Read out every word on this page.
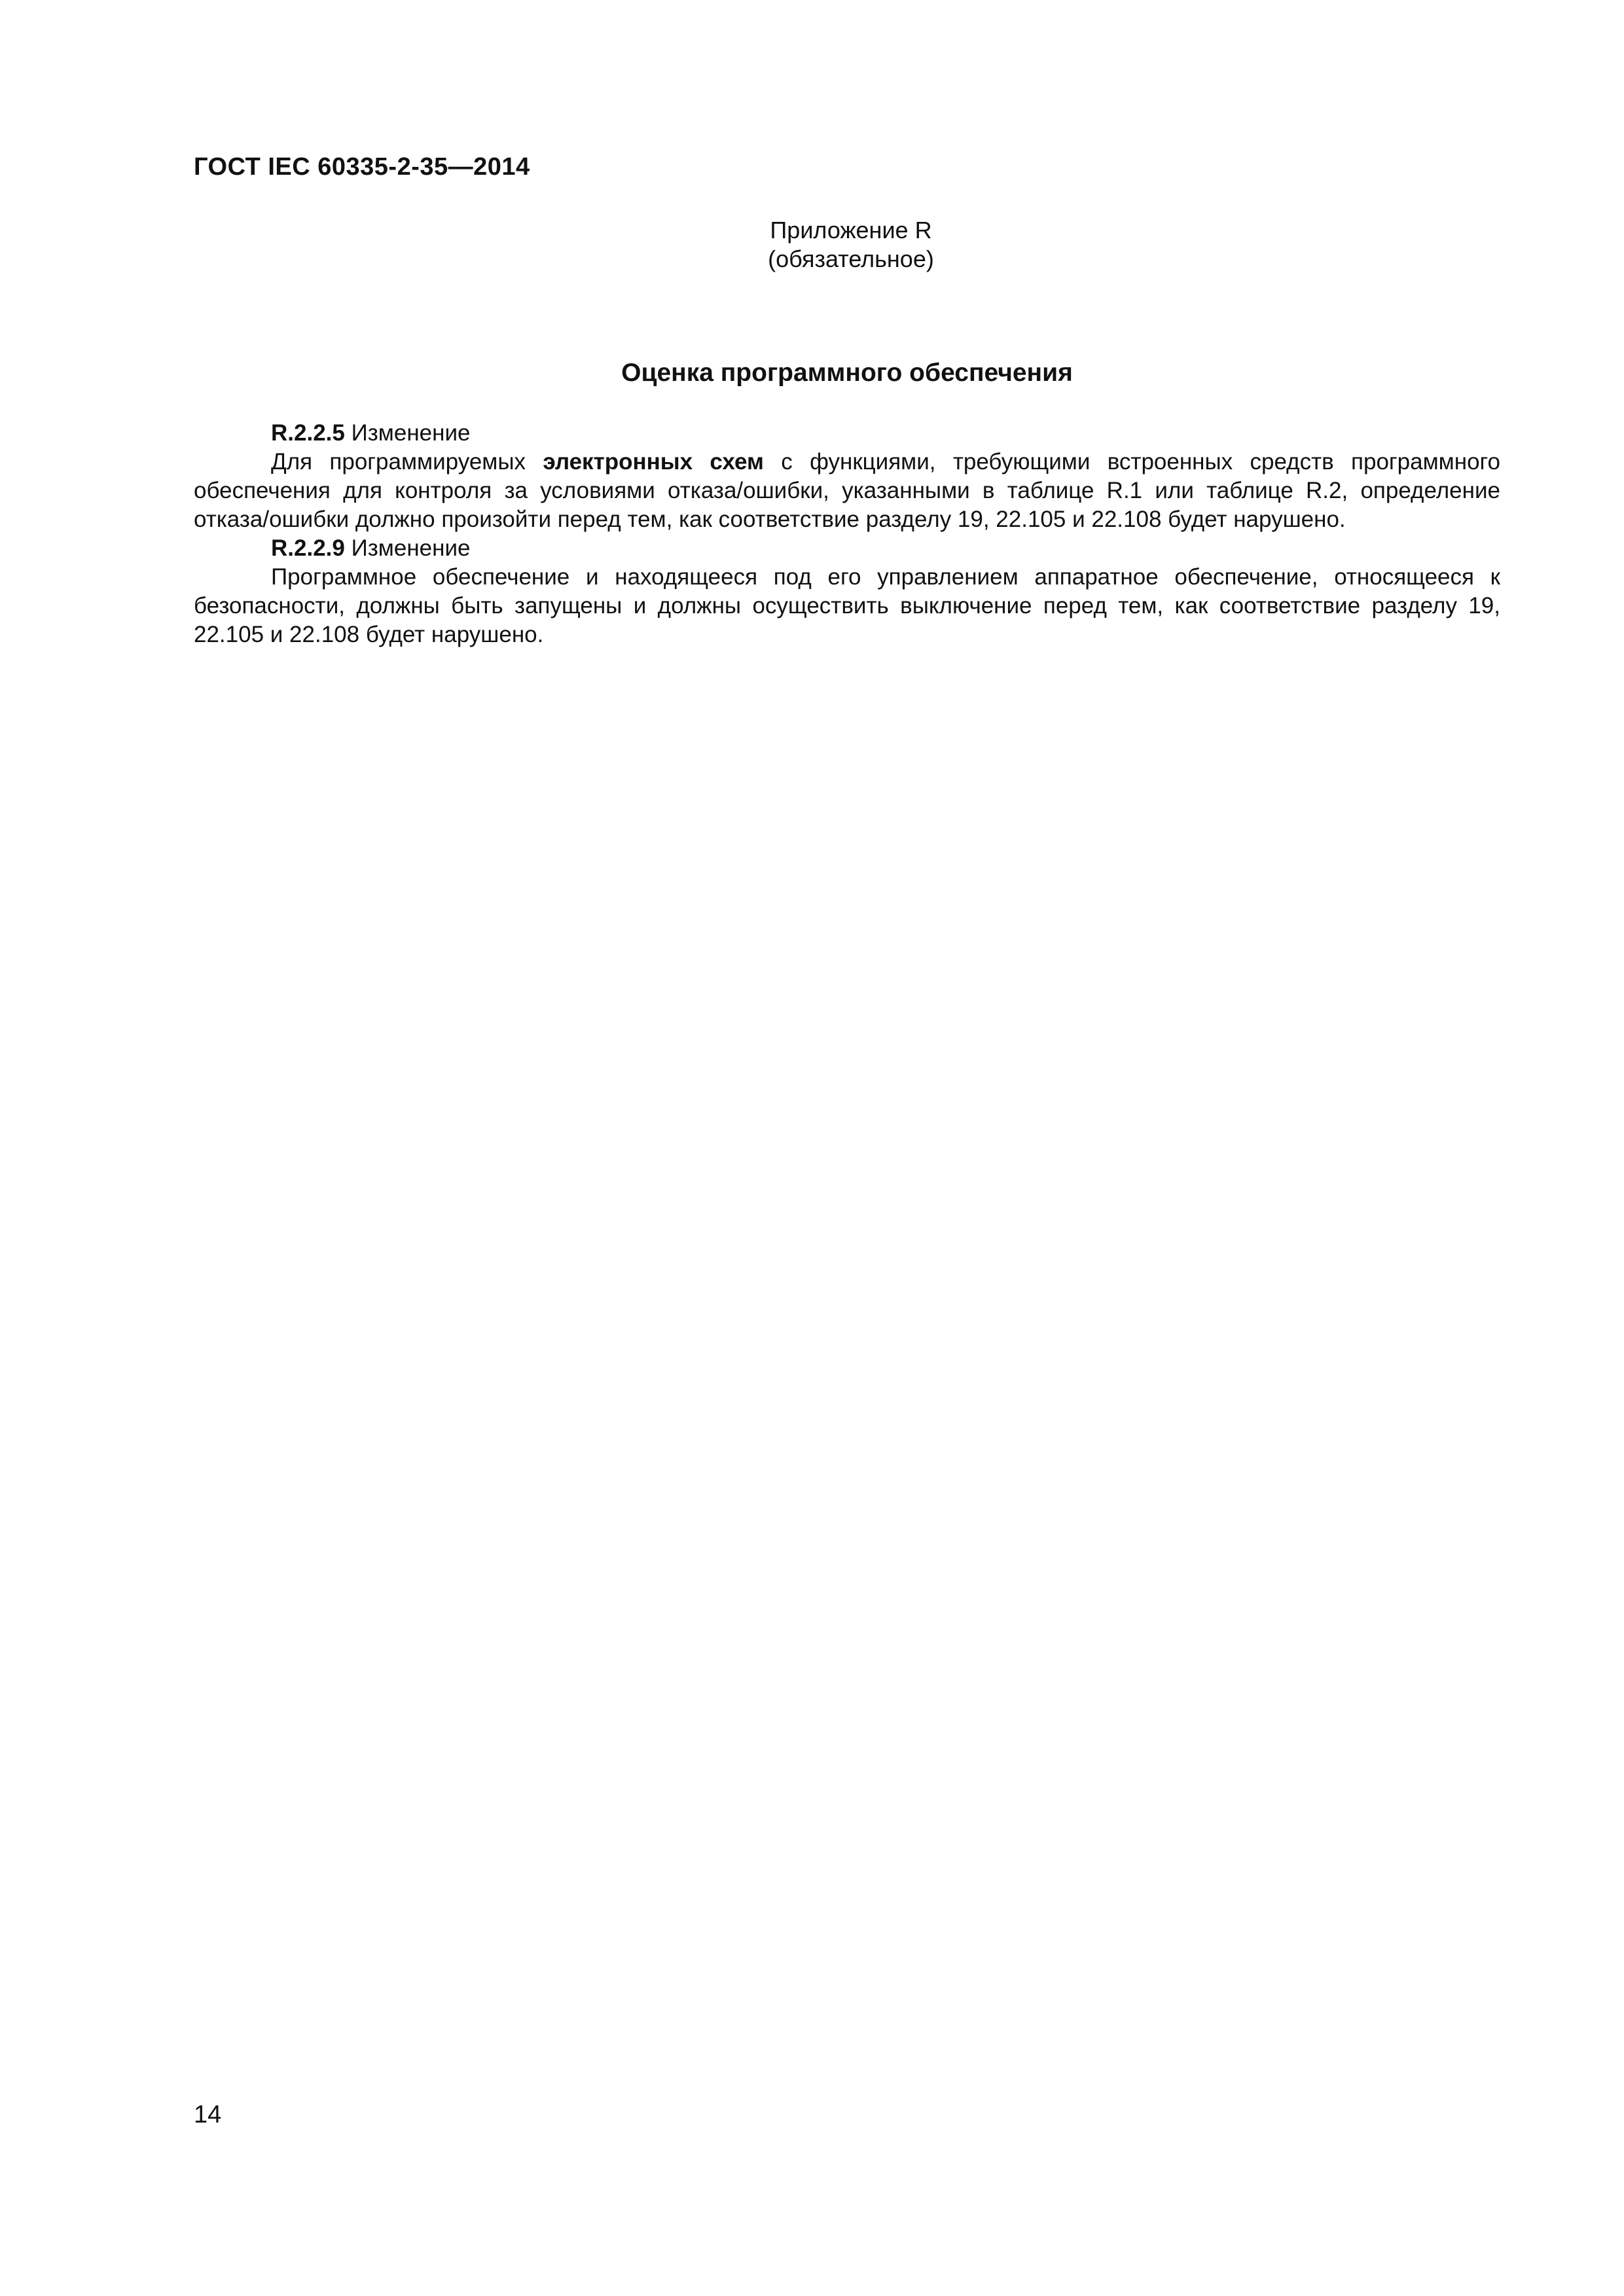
ГОСТ IEC 60335-2-35—2014
Приложение R
(обязательное)
Оценка программного обеспечения

R.2.2.5 Изменение

Для программируемых электронных схем с функциями, требующими встроенных средств программного обеспечения для контроля за условиями отказа/ошибки, указанными в таблице R.1 или таблице R.2, определение отказа/ошибки должно произойти перед тем, как соответствие разделу 19, 22.105 и 22.108 будет нарушено.

R.2.2.9 Изменение

Программное обеспечение и находящееся под его управлением аппаратное обеспечение, относящееся к безопасности, должны быть запущены и должны осуществить выключение перед тем, как соответствие разделу 19, 22.105 и 22.108 будет нарушено.

14
